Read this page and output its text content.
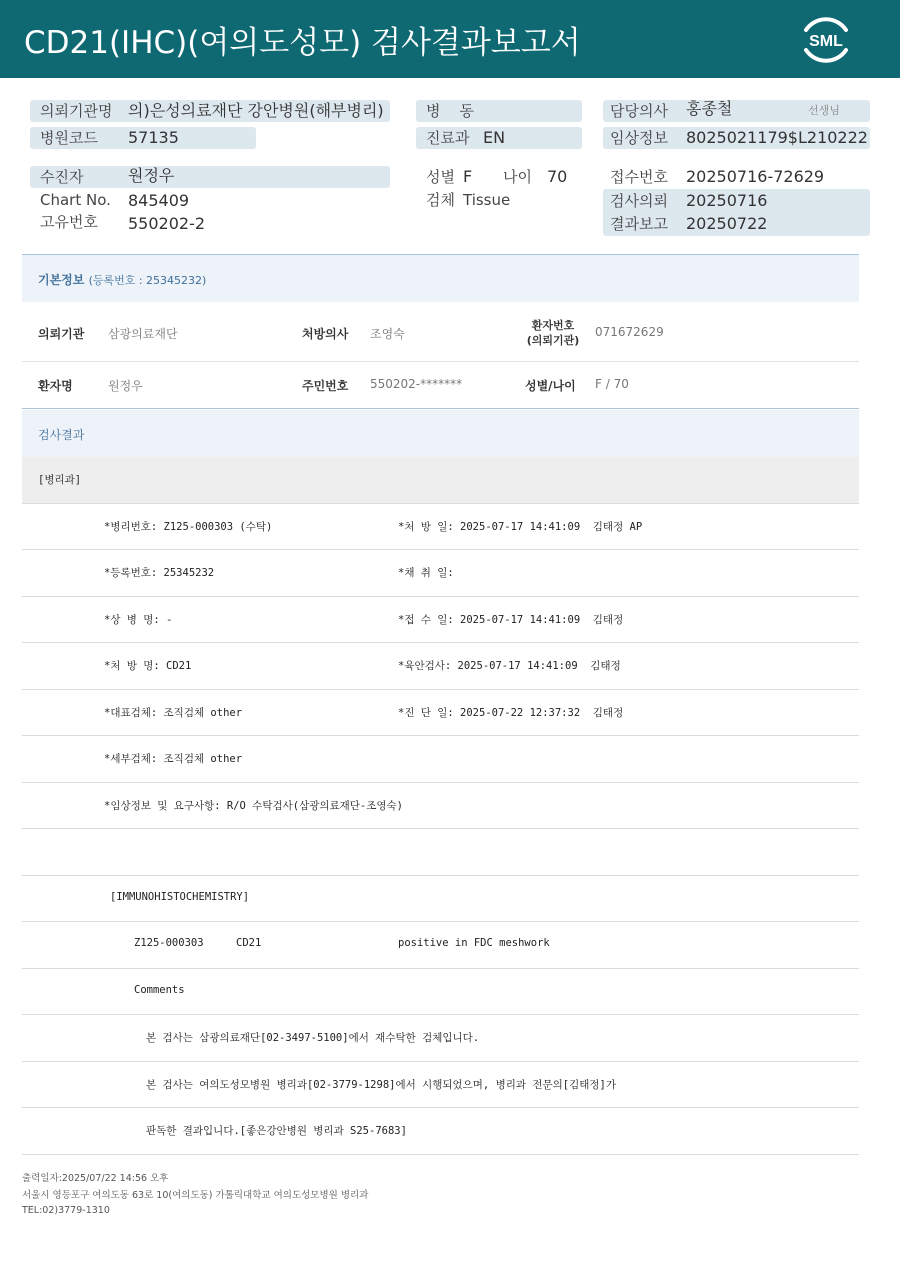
CD21(IHC)(여의도성모) 검사결과보고서	SML
의뢰기관명 의)은성의료재단 강안병원(해부병리)
병원코드 57135
병    동
진료과 EN
담당의사 홍종철	선생님
임상정보 8025021179$L210222
수진자	원정우
Chart No. 845409
고유번호 550202-2
성별 F 나이 70
검체 Tissue
접수번호 20250716-72629
검사의뢰 20250716
결과보고 20250722
기본정보 (등록번호 : 25345232)
의뢰기관 삼광의료재단	처방의사 조영숙
환자번호
(의뢰기관)
071672629
환자명	원정우	주민번호 550202-*******	성별/나이 F / 70
검사결과
[병리과]
*병리번호: Z125-000303 (수탁)	*처 방 일: 2025-07-17 14:41:09  김태정 AP
*등록번호: 25345232	*채 취 일:
*상 병 명: -	*접 수 일: 2025-07-17 14:41:09  김태정
*처 방 명: CD21	*육안검사: 2025-07-17 14:41:09  김태정
*대표검체: 조직검체 other	*진 단 일: 2025-07-22 12:37:32  김태정
*세부검체: 조직검체 other
*임상정보 및 요구사항: R/O 수탁검사(삼광의료재단-조영숙)
[IMMUNOHISTOCHEMISTRY]
Z125-000303	CD21	positive in FDC meshwork
Comments
본 검사는 삼광의료재단[02-3497-5100]에서 재수탁한 검체입니다.
본 검사는 여의도성모병원 병리과[02-3779-1298]에서 시행되었으며, 병리과 전문의[김태정]가
판독한 결과입니다.[좋은강안병원 병리과 S25-7683]
출력일자:2025/07/22 14:56 오후
서울시 영등포구 여의도동 63로 10(여의도동) 가톨릭대학교 여의도성모병원 병리과
TEL:02)3779-1310
